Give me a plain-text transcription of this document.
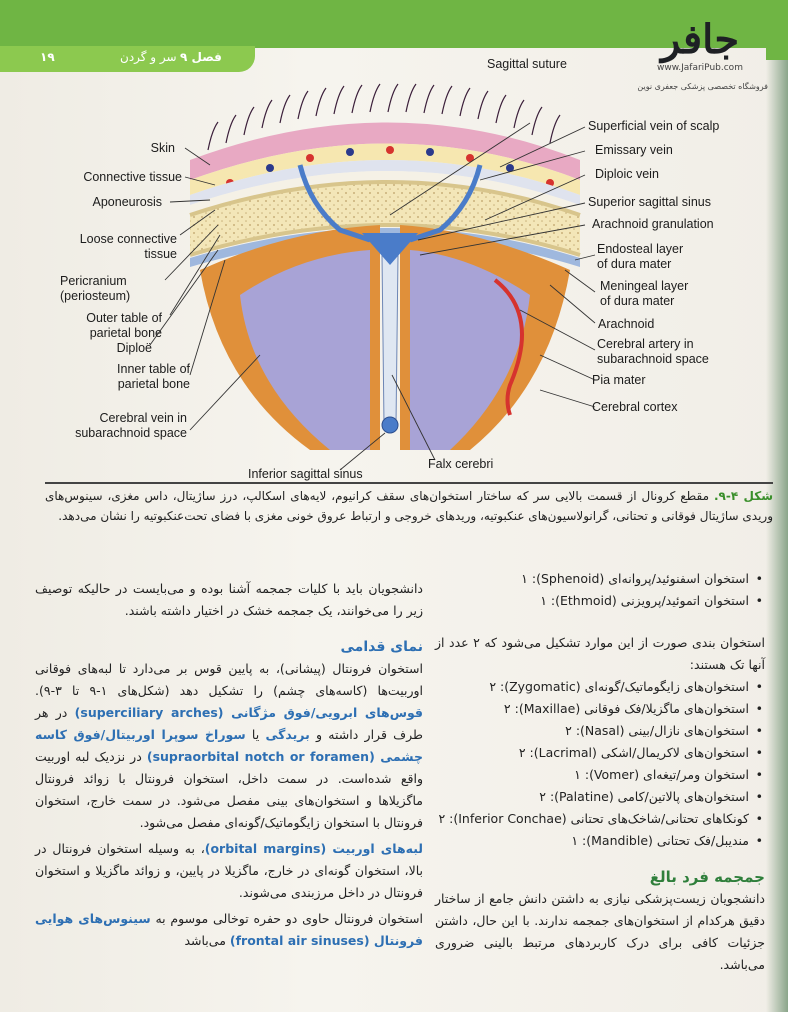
۱۹	سر و گردن فصل ۹	جافر
www.JafariPub.com
فروشگاه تخصصی پزشکی جعفری نوین
Skin
Connective tissue
Aponeurosis
Loose connective
tissue
Pericranium
(periosteum)
Outer table of
parietal bone
Diploë
Inner table of
parietal bone
Cerebral vein in
subarachnoid space
Sagittal suture
Superficial vein of scalp
Emissary vein
Diploic vein
Superior sagittal sinus
Arachnoid granulation
Endosteal layer
of dura mater
Meningeal layer
of dura mater
Arachnoid
Cerebral artery in
subarachnoid space
Pia mater
Cerebral cortex
Inferior sagittal sinus
Falx cerebri
شکل ۴-۹. مقطع کرونال از قسمت بالایی سر که ساختار استخوان‌های سقف کرانیوم، لایه‌های اسکالپ، درز ساژیتال، داس مغزی، سینوس‌های وریدی ساژیتال فوقانی و تحتانی، گرانولاسیون‌های عنکبوتیه، وریدهای خروجی و ارتباط عروق خونی مغزی با فضای تحت‌عنکبوتیه را نشان می‌دهد.
دانشجویان باید با کلیات جمجمه آشنا بوده و می‌بایست در حالیکه توصیف زیر را می‌خوانند، یک جمجمه خشک در اختیار داشته باشند.
نمای قدامی
استخوان فرونتال (پیشانی)، به پایین قوس بر می‌دارد تا لبه‌های فوقانی اوربیت‌ها (کاسه‌های چشم) را تشکیل دهد (شکل‌های ۱-۹ تا ۳-۹). قوس‌های ابرویی/فوق مژگانی (superciliary arches) در هر طرف قرار داشته و بریدگی یا سوراخ سوپرا اوربیتال/فوق کاسه چشمی (supraorbital notch or foramen) در نزدیک لبه اوربیت واقع شده‌است. در سمت داخل، استخوان فرونتال با زوائد فرونتال ماگزیلاها و استخوان‌های بینی مفصل می‌شود. در سمت خارج، استخوان فرونتال با استخوان زایگوماتیک/گونه‌ای مفصل می‌شود.
لبه‌های اوربیت (orbital margins)، به وسیله استخوان فرونتال در بالا، استخوان گونه‌ای در خارج، ماگزیلا در پایین، و زوائد ماگزیلا و استخوان فرونتال در داخل مرزبندی می‌شوند.
استخوان فرونتال حاوی دو حفره توخالی موسوم به سینوس‌های هوایی فرونتال (frontal air sinuses) می‌باشد
• استخوان اسفنوئید/پروانه‌ای (Sphenoid): ۱
• استخوان اتموئید/پرویزنی (Ethmoid): ۱
استخوان بندی صورت از این موارد تشکیل می‌شود که ۲ عدد از آنها تک هستند:
• استخوان‌های زایگوماتیک/گونه‌ای (Zygomatic): ۲
• استخوان‌های ماگزیلا/فک فوقانی (Maxillae): ۲
• استخوان‌های نازال/بینی (Nasal): ۲
• استخوان‌های لاکریمال/اشکی (Lacrimal): ۲
• استخوان ومر/تیغه‌ای (Vomer): ۱
• استخوان‌های پالاتین/کامی (Palatine): ۲
• کونکاهای تحتانی/شاخک‌های تحتانی (Inferior Conchae): ۲
• مندیبل/فک تحتانی (Mandible): ۱
جمجمه فرد بالغ
دانشجویان زیست‌پزشکی نیازی به داشتن دانش جامع از ساختار دقیق هرکدام از استخوان‌های جمجمه ندارند. با این حال، داشتن جزئیات کافی برای درک کاربردهای مرتبط بالینی ضروری می‌باشد.
